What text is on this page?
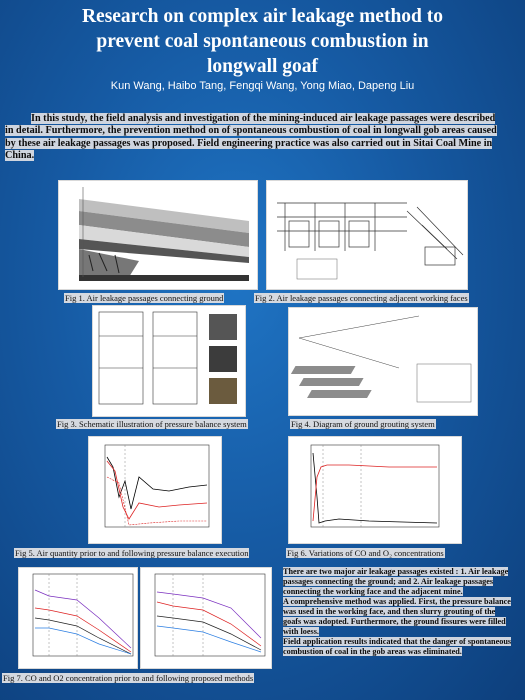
Research on complex air leakage method to
prevent coal spontaneous combustion in
longwall goaf
Kun Wang, Haibo Tang, Fengqi Wang, Yong Miao, Dapeng Liu
In this study, the field analysis and investigation of the mining-induced air leakage passages were described in detail. Furthermore, the prevention method on of spontaneous combustion of coal in longwall gob areas caused by these air leakage passages was proposed. Field engineering practice was also carried out in Sitai Coal Mine in China.
Fig 1. Air leakage passages connecting ground	Fig 2. Air leakage passages connecting adjacent working faces
Fig 3. Schematic illustration of pressure balance system	Fig 4. Diagram of ground grouting system
Fig 5. Air quantity prior to and following pressure balance execution	Fig 6. Variations of CO and O₂ concentrations
Fig 7. CO and O2 concentration prior to and following proposed methods

There are two major air leakage passages existed : 1. Air leakage passages connecting the ground; and 2. Air leakage passages connecting the working face and the adjacent mine.

A comprehensive method was applied. First, the pressure balance was used in the working face, and then slurry grouting of the goafs was adopted. Furthermore, the ground fissures were filled with loess.

Field application results indicated that the danger of spontaneous combustion of coal in the gob areas was eliminated.
